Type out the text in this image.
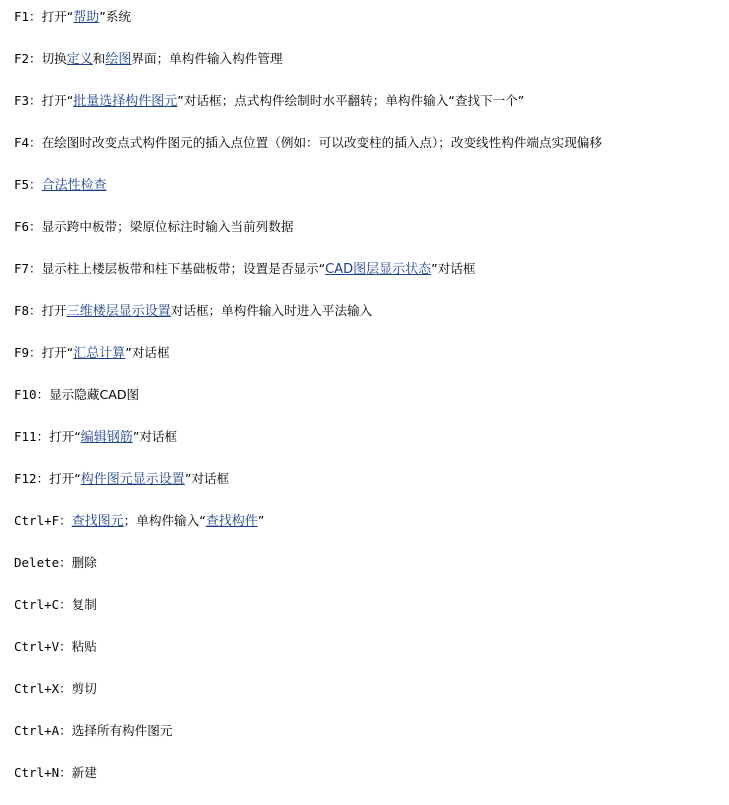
F1：打开“帮助”系统
F2：切换定义和绘图界面；单构件输入构件管理
F3：打开“批量选择构件图元”对话框；点式构件绘制时水平翻转；单构件输入“查找下一个”
F4：在绘图时改变点式构件图元的插入点位置（例如：可以改变柱的插入点）；改变线性构件端点实现偏移
F5：合法性检查
F6：显示跨中板带；梁原位标注时输入当前列数据
F7：显示柱上楼层板带和柱下基础板带；设置是否显示“CAD图层显示状态”对话框
F8：打开三维楼层显示设置对话框；单构件输入时进入平法输入
F9：打开“汇总计算”对话框
F10：显示隐藏CAD图
F11：打开“编辑钢筋”对话框
F12：打开“构件图元显示设置”对话框
Ctrl+F：查找图元；单构件输入“查找构件”
Delete：删除
Ctrl+C：复制
Ctrl+V：粘贴
Ctrl+X：剪切
Ctrl+A：选择所有构件图元
Ctrl+N：新建
